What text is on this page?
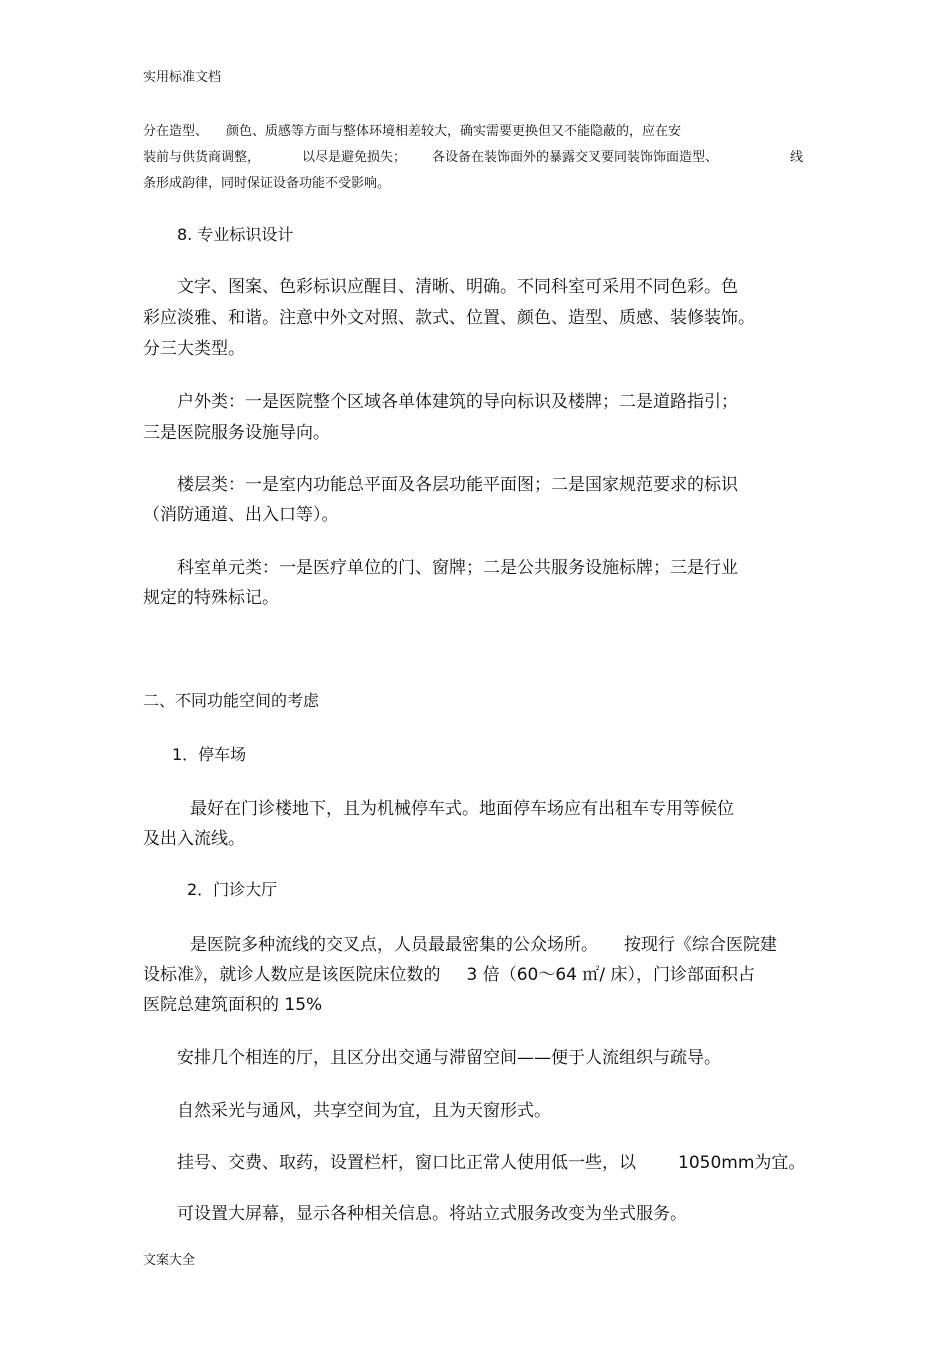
实用标准文档
分在造型、 颜色、质感等方面与整体环境相差较大，确实需要更换但又不能隐蔽的，应在安
装前与供货商调整，	以尽是避免损失； 各设备在装饰面外的暴露交叉要同装饰饰面造型、	线
条形成韵律，同时保证设备功能不受影响。
8. 专业标识设计
文字、图案、色彩标识应醒目、清晰、明确。不同科室可采用不同色彩。色
彩应淡雅、和谐。注意中外文对照、款式、位置、颜色、造型、质感、装修装饰。
分三大类型。
户外类：一是医院整个区域各单体建筑的导向标识及楼牌；二是道路指引；
三是医院服务设施导向。
楼层类：一是室内功能总平面及各层功能平面图；二是国家规范要求的标识
（消防通道、出入口等）。
科室单元类：一是医疗单位的门、窗牌；二是公共服务设施标牌；三是行业
规定的特殊标记。
二、不同功能空间的考虑
1．停车场
最好在门诊楼地下，且为机械停车式。地面停车场应有出租车专用等候位
及出入流线。
2．门诊大厅
是医院多种流线的交叉点，人员最最密集的公众场所。 按现行《综合医院建
设标准》，就诊人数应是该医院床位数的 3 倍（60～64 ㎡/ 床），门诊部面积占
医院总建筑面积的 15%
安排几个相连的厅，且区分出交通与滞留空间——便于人流组织与疏导。
自然采光与通风，共享空间为宜，且为天窗形式。
挂号、交费、取药，设置栏杆，窗口比正常人使用低一些，以 1050mm为宜。
可设置大屏幕，显示各种相关信息。将站立式服务改变为坐式服务。
文案大全
